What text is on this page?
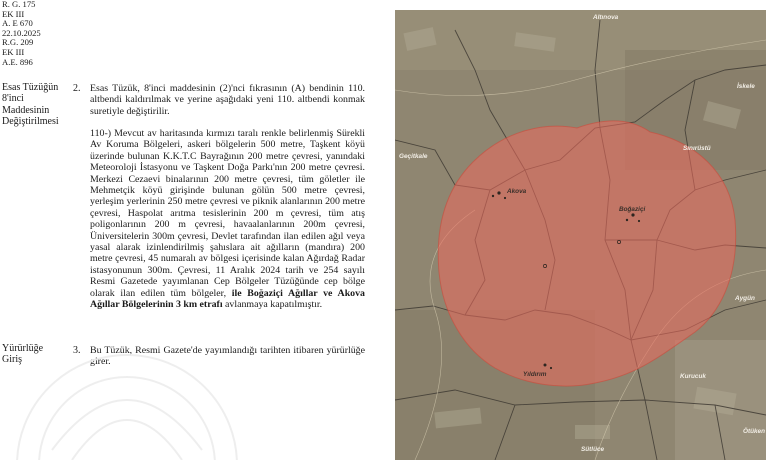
R. G. 175
EK III
A. E 670
22.10.2025
R.G. 209
EK III
A.E. 896
Esas Tüzüğün
8'inci
Maddesinin
Değiştirilmesi
2. Esas Tüzük, 8'inci maddesinin (2)'nci fıkrasının (A) bendinin 110. altbendi kaldırılmak ve yerine aşağıdaki yeni 110. altbendi konmak suretiyle değiştirilir.
110-) Mevcut av haritasında kırmızı taralı renkle belirlenmiş Sürekli Av Koruma Bölgeleri, askeri bölgelerin 500 metre, Taşkent köyü üzerinde bulunan K.K.T.C Bayrağının 200 metre çevresi, yanındaki Meteoroloji İstasyonu ve Taşkent Doğa Parkı'nın 200 metre çevresi. Merkezi Cezaevi binalarının 200 metre çevresi, tüm göletler ile Mehmetçik köyü girişinde bulunan gölün 500 metre çevresi, yerleşim yerlerinin 250 metre çevresi ve piknik alanlarının 200 metre çevresi, Haspolat arıtma tesislerinin 200 m çevresi, tüm atış poligonlarının 200 m çevresi, havaalanlarının 200m çevresi, Üniversitelerin 300m çevresi, Devlet tarafından ilan edilen ağıl veya yasal alarak izinlendirilmiş şahıslara ait ağılların (mandıra) 200 metre çevresi, 45 numaralı av bölgesi içerisinde kalan Ağırdağ Radar istasyonunun 300m. Çevresi, 11 Aralık 2024 tarih ve 254 sayılı Resmi Gazetede yayımlanan Cep Bölgeler Tüzüğünde cep bölge olarak ilan edilen tüm bölgeler, ile Boğaziçi Ağıllar ve Akova Ağıllar Bölgelerinin 3 km etrafı avlanmaya kapatılmıştır.
Yürürlüğe
Giriş
3. Bu Tüzük, Resmi Gazete'de yayımlandığı tarihten itibaren yürürlüğe girer.
Altınova
İskele
Geçitkale
Akova
Boğaziçi
Sınırüstü
Aygün
Yıldırım	Kurucuk
Sütlüce
Ötüken
